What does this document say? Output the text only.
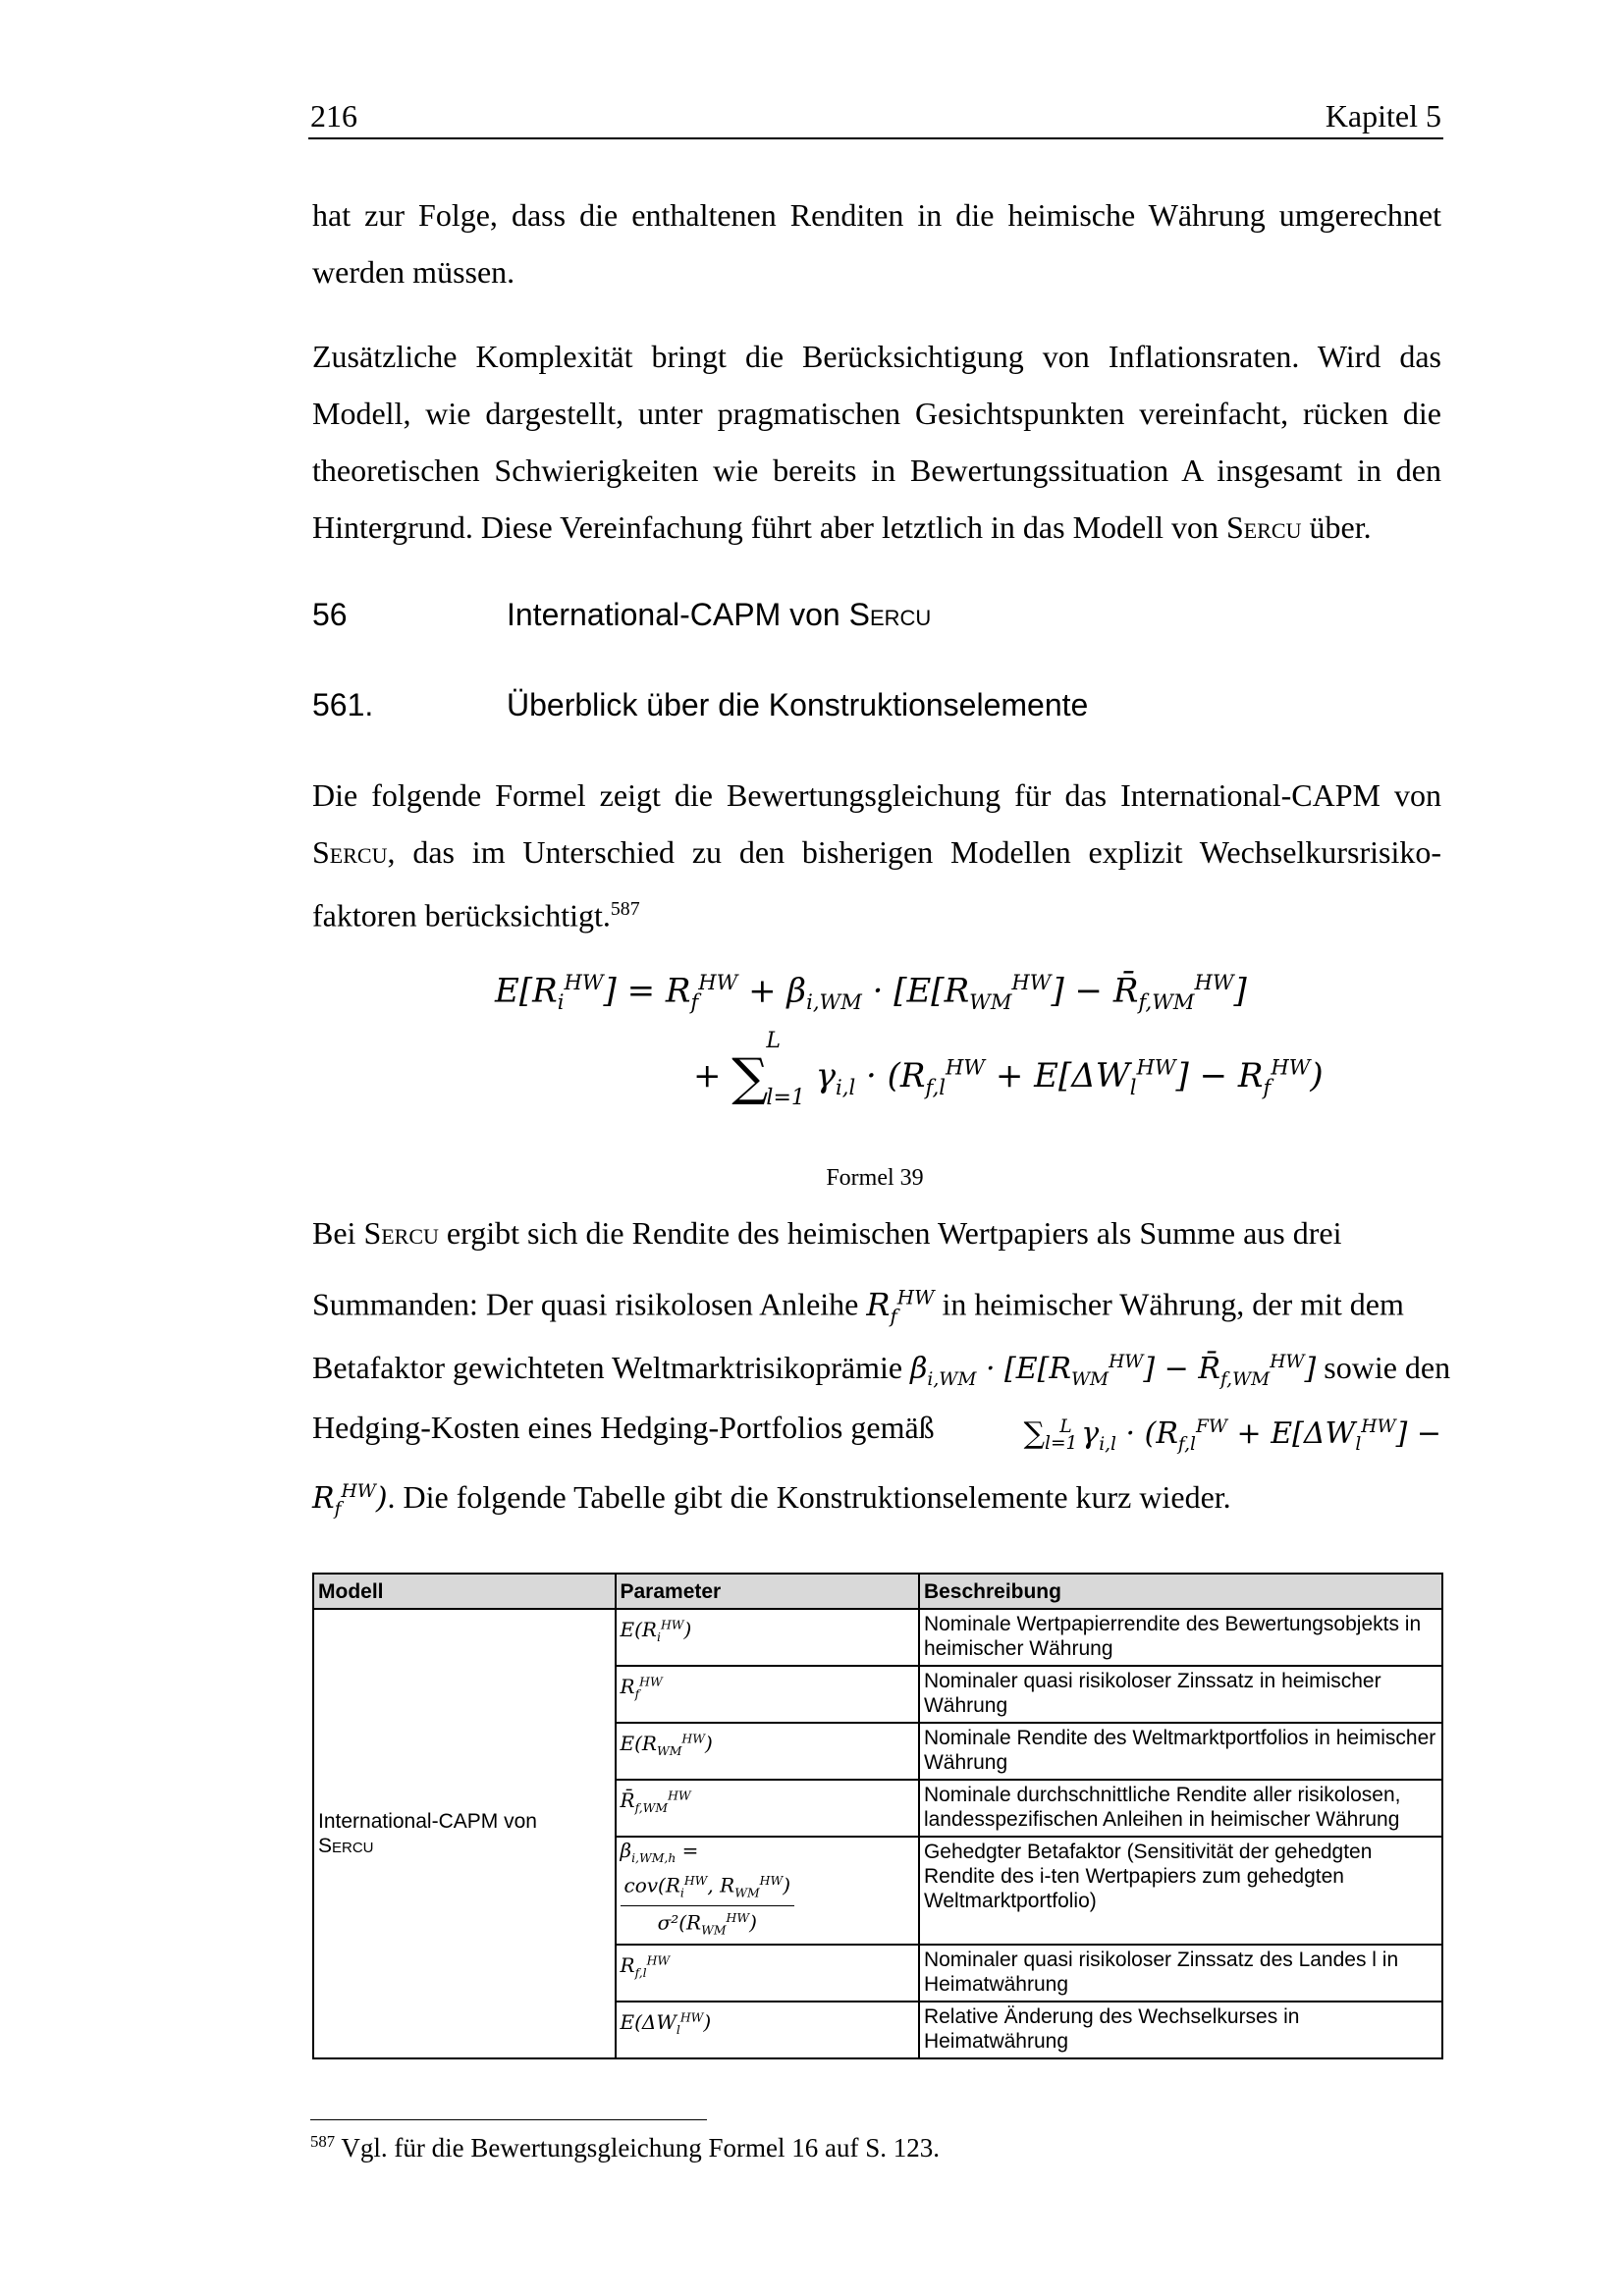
216	Kapitel 5
hat zur Folge, dass die enthaltenen Renditen in die heimische Währung umgerechnet
werden müssen.
Zusätzliche Komplexität bringt die Berücksichtigung von Inflationsraten. Wird das
Modell, wie dargestellt, unter pragmatischen Gesichtspunkten vereinfacht, rücken die
theoretischen Schwierigkeiten wie bereits in Bewertungssituation A insgesamt in den
Hintergrund. Diese Vereinfachung führt aber letztlich in das Modell von Sercu über.
56	International-CAPM von Sercu
561.	Überblick über die Konstruktionselemente
Die folgende Formel zeigt die Bewertungsgleichung für das International-CAPM von
Sercu, das im Unterschied zu den bisherigen Modellen explizit Wechselkursrisiko-
faktoren berücksichtigt.$^{587}$
$E[R_i^{HW}] = R_f^{HW} + \beta_{i,WM} \cdot [E[R_{WM}^{HW}]$ − $R̄_{f,WM}^{HW}$]
+ ∑
L
l=1
$\gamma_{i,l} \cdot (R_{f,l}^{HW} + E[\Delta W_l^{HW}] - R_f^{HW})$
Formel 39
Bei Sercu ergibt sich die Rendite des heimischen Wertpapiers als Summe aus drei
Summanden: Der quasi risikolosen Anleihe $R_f^{HW}$ in heimischer Währung, der mit dem
Betafaktor gewichteten Weltmarktrisikoprämie $\beta_{i,WM} \cdot [E[R_{WM}^{HW}]$ − $R̄_{f,WM}^{HW}$] sowie den
Hedging-Kosten eines Hedging-Portfolios gemäß	$\sum_{l=1}^L$ $\gamma_{i,l} \cdot (R_{f,l}^{FW} + E[\Delta W_l^{HW}]$ −
$R_f^{HW}$). Die folgende Tabelle gibt die Konstruktionselemente kurz wieder.
Modell	Parameter	Beschreibung
International-CAPM von
Sercu	$E(R_i^{HW})$	Nominale Wertpapierrendite des Bewertungsobjekts in heimischer Währung
	$R_f^{HW}$	Nominaler quasi risikoloser Zinssatz in heimischer Währung
	$E(R_{WM}^{HW})$	Nominale Rendite des Weltmarktportfolios in heimischer Währung
	$R̄_{f,WM}^{HW}$	Nominale durchschnittliche Rendite aller risikolosen, landesspezifischen Anleihen in heimischer Währung

	$\beta_{i,WM,h}$ =
$cov(R_i^{HW}$, $R_{WM}^{HW}$)
$\sigma^2(R_{WM}^{HW})$	Gehedgter Betafaktor (Sensitivität der gehedgten Rendite des i-ten Wertpapiers zum gehedgten Weltmarktportfolio)
	$R_{f,l}^{HW}$	Nominaler quasi risikoloser Zinssatz des Landes l in Heimatwährung
	$E(\Delta W_l^{HW})$	Relative Änderung des Wechselkurses in Heimatwährung
$^{587}$ Vgl. für die Bewertungsgleichung Formel 16 auf S. 123.
